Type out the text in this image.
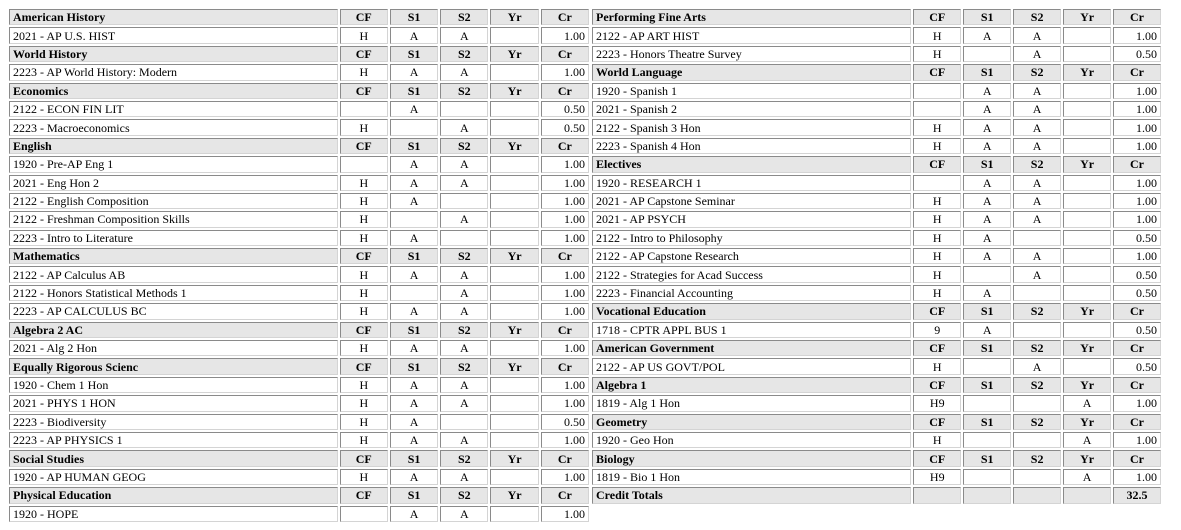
American History	CF	S1	S2	Yr	Cr
2021 - AP U.S. HIST	H	A	A		1.00
World History	CF	S1	S2	Yr	Cr
2223 - AP World History: Modern	H	A	A		1.00
Economics	CF	S1	S2	Yr	Cr
2122 - ECON FIN LIT		A			0.50
2223 - Macroeconomics	H		A		0.50
English	CF	S1	S2	Yr	Cr
1920 - Pre-AP Eng 1		A	A		1.00
2021 - Eng Hon 2	H	A	A		1.00
2122 - English Composition	H	A			1.00
2122 - Freshman Composition Skills	H		A		1.00
2223 - Intro to Literature	H	A			1.00
Mathematics	CF	S1	S2	Yr	Cr
2122 - AP Calculus AB	H	A	A		1.00
2122 - Honors Statistical Methods 1	H		A		1.00
2223 - AP CALCULUS BC	H	A	A		1.00
Algebra 2 AC	CF	S1	S2	Yr	Cr
2021 - Alg 2 Hon	H	A	A		1.00
Equally Rigorous Scienc	CF	S1	S2	Yr	Cr
1920 - Chem 1 Hon	H	A	A		1.00
2021 - PHYS 1 HON	H	A	A		1.00
2223 - Biodiversity	H	A			0.50
2223 - AP PHYSICS 1	H	A	A		1.00
Social Studies	CF	S1	S2	Yr	Cr
1920 - AP HUMAN GEOG	H	A	A		1.00
Physical Education	CF	S1	S2	Yr	Cr
1920 - HOPE		A	A		1.00
Performing Fine Arts	CF	S1	S2	Yr	Cr
2122 - AP ART HIST	H	A	A		1.00
2223 - Honors Theatre Survey	H		A		0.50
World Language	CF	S1	S2	Yr	Cr
1920 - Spanish 1		A	A		1.00
2021 - Spanish 2		A	A		1.00
2122 - Spanish 3 Hon	H	A	A		1.00
2223 - Spanish 4 Hon	H	A	A		1.00
Electives	CF	S1	S2	Yr	Cr
1920 - RESEARCH 1		A	A		1.00
2021 - AP Capstone Seminar	H	A	A		1.00
2021 - AP PSYCH	H	A	A		1.00
2122 - Intro to Philosophy	H	A			0.50
2122 - AP Capstone Research	H	A	A		1.00
2122 - Strategies for Acad Success	H		A		0.50
2223 - Financial Accounting	H	A			0.50
Vocational Education	CF	S1	S2	Yr	Cr
1718 - CPTR APPL BUS 1	9	A			0.50
American Government	CF	S1	S2	Yr	Cr
2122 - AP US GOVT/POL	H		A		0.50
Algebra 1	CF	S1	S2	Yr	Cr
1819 - Alg 1 Hon	H9			A	1.00
Geometry	CF	S1	S2	Yr	Cr
1920 - Geo Hon	H			A	1.00
Biology	CF	S1	S2	Yr	Cr
1819 - Bio 1 Hon	H9			A	1.00
Credit Totals					32.5
